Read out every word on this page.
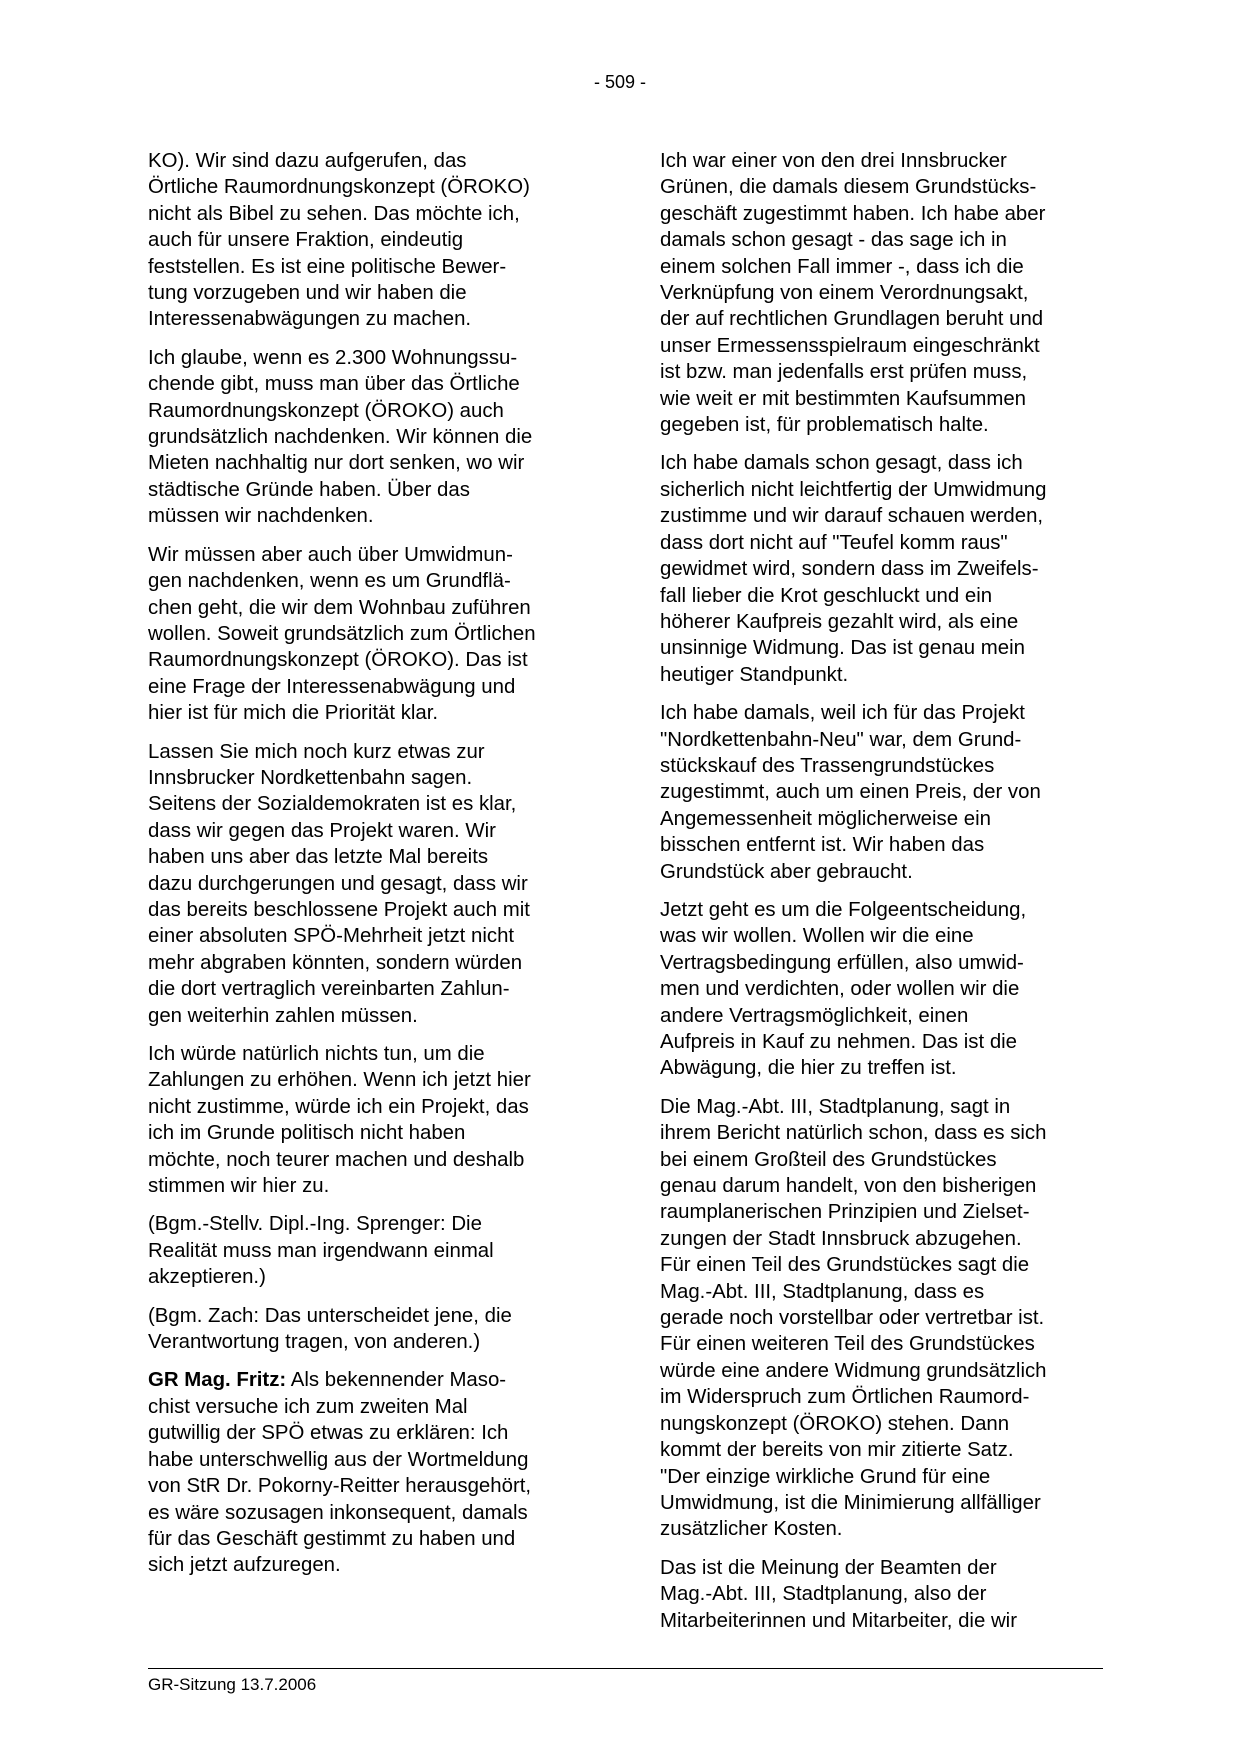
- 509 -

KO). Wir sind dazu aufgerufen, das
Örtliche Raumordnungskonzept (ÖROKO)
nicht als Bibel zu sehen. Das möchte ich,
auch für unsere Fraktion, eindeutig
feststellen. Es ist eine politische Bewer-
tung vorzugeben und wir haben die
Interessenabwägungen zu machen.

Ich glaube, wenn es 2.300 Wohnungssu-
chende gibt, muss man über das Örtliche
Raumordnungskonzept (ÖROKO) auch
grundsätzlich nachdenken. Wir können die
Mieten nachhaltig nur dort senken, wo wir
städtische Gründe haben. Über das
müssen wir nachdenken.

Wir müssen aber auch über Umwidmun-
gen nachdenken, wenn es um Grundflä-
chen geht, die wir dem Wohnbau zuführen
wollen. Soweit grundsätzlich zum Örtlichen
Raumordnungskonzept (ÖROKO). Das ist
eine Frage der Interessenabwägung und
hier ist für mich die Priorität klar.

Lassen Sie mich noch kurz etwas zur
Innsbrucker Nordkettenbahn sagen.
Seitens der Sozialdemokraten ist es klar,
dass wir gegen das Projekt waren. Wir
haben uns aber das letzte Mal bereits
dazu durchgerungen und gesagt, dass wir
das bereits beschlossene Projekt auch mit
einer absoluten SPÖ-Mehrheit jetzt nicht
mehr abgraben könnten, sondern würden
die dort vertraglich vereinbarten Zahlun-
gen weiterhin zahlen müssen.

Ich würde natürlich nichts tun, um die
Zahlungen zu erhöhen. Wenn ich jetzt hier
nicht zustimme, würde ich ein Projekt, das
ich im Grunde politisch nicht haben
möchte, noch teurer machen und deshalb
stimmen wir hier zu.

(Bgm.-Stellv. Dipl.-Ing. Sprenger: Die
Realität muss man irgendwann einmal
akzeptieren.)

(Bgm. Zach: Das unterscheidet jene, die
Verantwortung tragen, von anderen.)

GR Mag. Fritz: Als bekennender Maso-
chist versuche ich zum zweiten Mal
gutwillig der SPÖ etwas zu erklären: Ich
habe unterschwellig aus der Wortmeldung
von StR Dr. Pokorny-Reitter herausgehört,
es wäre sozusagen inkonsequent, damals
für das Geschäft gestimmt zu haben und
sich jetzt aufzuregen.

Ich war einer von den drei Innsbrucker
Grünen, die damals diesem Grundstücks-
geschäft zugestimmt haben. Ich habe aber
damals schon gesagt - das sage ich in
einem solchen Fall immer -, dass ich die
Verknüpfung von einem Verordnungsakt,
der auf rechtlichen Grundlagen beruht und
unser Ermessensspielraum eingeschränkt
ist bzw. man jedenfalls erst prüfen muss,
wie weit er mit bestimmten Kaufsummen
gegeben ist, für problematisch halte.

Ich habe damals schon gesagt, dass ich
sicherlich nicht leichtfertig der Umwidmung
zustimme und wir darauf schauen werden,
dass dort nicht auf "Teufel komm raus"
gewidmet wird, sondern dass im Zweifels-
fall lieber die Krot geschluckt und ein
höherer Kaufpreis gezahlt wird, als eine
unsinnige Widmung. Das ist genau mein
heutiger Standpunkt.

Ich habe damals, weil ich für das Projekt
"Nordkettenbahn-Neu" war, dem Grund-
stückskauf des Trassengrundstückes
zugestimmt, auch um einen Preis, der von
Angemessenheit möglicherweise ein
bisschen entfernt ist. Wir haben das
Grundstück aber gebraucht.

Jetzt geht es um die Folgeentscheidung,
was wir wollen. Wollen wir die eine
Vertragsbedingung erfüllen, also umwid-
men und verdichten, oder wollen wir die
andere Vertragsmöglichkeit, einen
Aufpreis in Kauf zu nehmen. Das ist die
Abwägung, die hier zu treffen ist.

Die Mag.-Abt. III, Stadtplanung, sagt in
ihrem Bericht natürlich schon, dass es sich
bei einem Großteil des Grundstückes
genau darum handelt, von den bisherigen
raumplanerischen Prinzipien und Zielset-
zungen der Stadt Innsbruck abzugehen.
Für einen Teil des Grundstückes sagt die
Mag.-Abt. III, Stadtplanung, dass es
gerade noch vorstellbar oder vertretbar ist.
Für einen weiteren Teil des Grundstückes
würde eine andere Widmung grundsätzlich
im Widerspruch zum Örtlichen Raumord-
nungskonzept (ÖROKO) stehen. Dann
kommt der bereits von mir zitierte Satz.
"Der einzige wirkliche Grund für eine
Umwidmung, ist die Minimierung allfälliger
zusätzlicher Kosten.

Das ist die Meinung der Beamten der
Mag.-Abt. III, Stadtplanung, also der
Mitarbeiterinnen und Mitarbeiter, die wir

GR-Sitzung 13.7.2006
